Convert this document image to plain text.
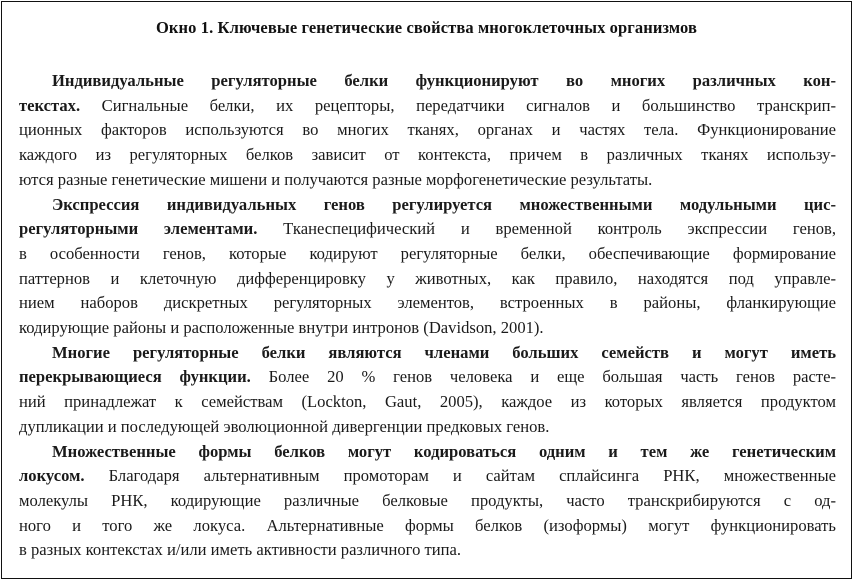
Окно 1. Ключевые генетические свойства многоклеточных организмов

Индивидуальные регуляторные белки функционируют во многих различных кон-
текстах. Сигнальные белки, их рецепторы, передатчики сигналов и большинство транскрип-
ционных факторов используются во многих тканях, органах и частях тела. Функционирование
каждого из регуляторных белков зависит от контекста, причем в различных тканях использу-
ются разные генетические мишени и получаются разные морфогенетические результаты.

Экспрессия индивидуальных генов регулируется множественными модульными цис-
регуляторными элементами. Тканеспецифический и временной контроль экспрессии генов,
в особенности генов, которые кодируют регуляторные белки, обеспечивающие формирование
паттернов и клеточную дифференцировку у животных, как правило, находятся под управле-
нием наборов дискретных регуляторных элементов, встроенных в районы, фланкирующие
кодирующие районы и расположенные внутри интронов (Davidson, 2001).

Многие регуляторные белки являются членами больших семейств и могут иметь
перекрывающиеся функции. Более 20 % генов человека и еще большая часть генов расте-
ний принадлежат к семействам (Lockton, Gaut, 2005), каждое из которых является продуктом
дупликации и последующей эволюционной дивергенции предковых генов.

Множественные формы белков могут кодироваться одним и тем же генетическим
локусом. Благодаря альтернативным промоторам и сайтам сплайсинга РНК, множественные
молекулы РНК, кодирующие различные белковые продукты, часто транскрибируются с од-
ного и того же локуса. Альтернативные формы белков (изоформы) могут функционировать
в разных контекстах и/или иметь активности различного типа.
